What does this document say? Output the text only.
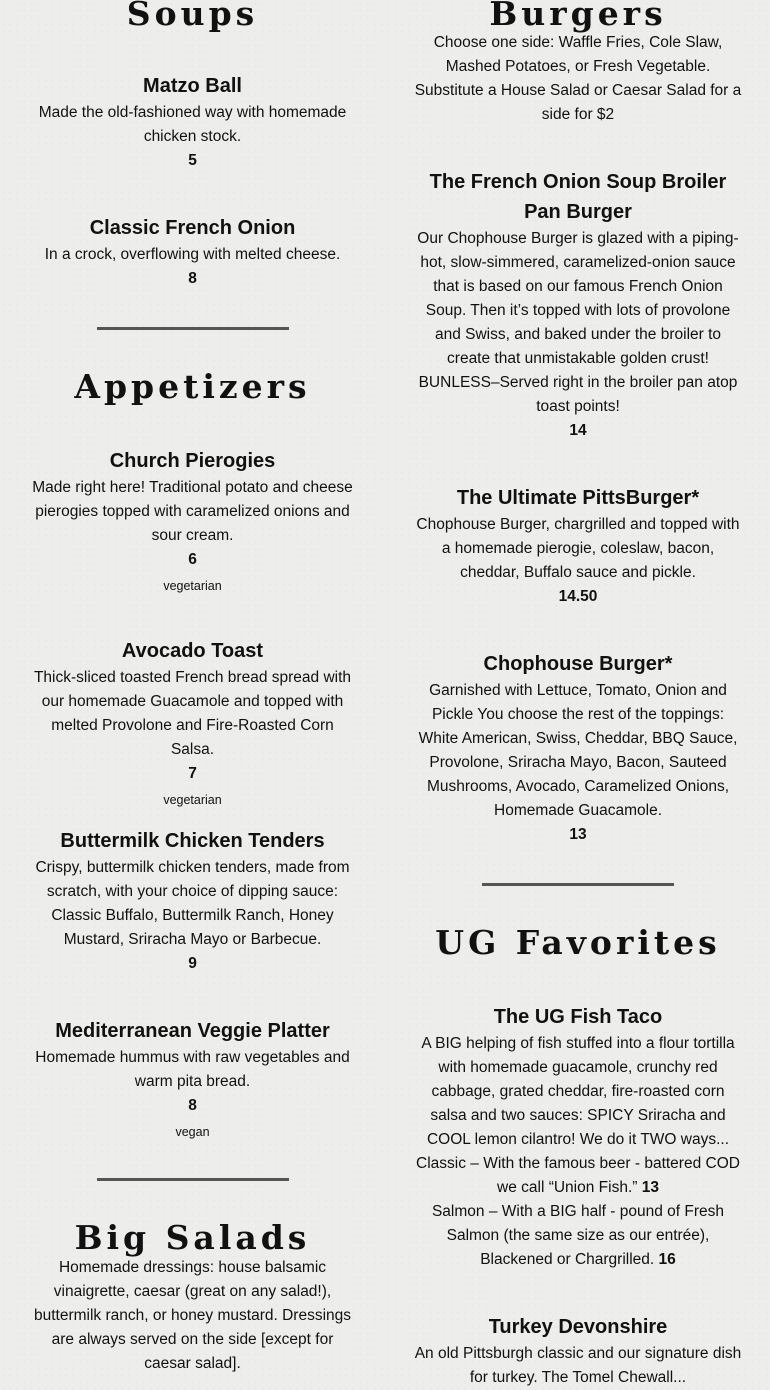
Soups
Matzo Ball
Made the old-fashioned way with homemade chicken stock.
5
Classic French Onion
In a crock, overflowing with melted cheese.
8
Appetizers
Church Pierogies
Made right here! Traditional potato and cheese pierogies topped with caramelized onions and sour cream.
6
vegetarian
Avocado Toast
Thick-sliced toasted French bread spread with our homemade Guacamole and topped with melted Provolone and Fire-Roasted Corn Salsa.
7
vegetarian
Buttermilk Chicken Tenders
Crispy, buttermilk chicken tenders, made from scratch, with your choice of dipping sauce: Classic Buffalo, Buttermilk Ranch, Honey Mustard, Sriracha Mayo or Barbecue.
9
Mediterranean Veggie Platter
Homemade hummus with raw vegetables and warm pita bread.
8
vegan
Big Salads
Homemade dressings: house balsamic vinaigrette, caesar (great on any salad!), buttermilk ranch, or honey mustard. Dressings are always served on the side [except for caesar salad].
Burgers
Choose one side: Waffle Fries, Cole Slaw, Mashed Potatoes, or Fresh Vegetable. Substitute a House Salad or Caesar Salad for a side for $2
The French Onion Soup Broiler Pan Burger
Our Chophouse Burger is glazed with a piping-hot, slow-simmered, caramelized-onion sauce that is based on our famous French Onion Soup. Then it’s topped with lots of provolone and Swiss, and baked under the broiler to create that unmistakable golden crust! BUNLESS–Served right in the broiler pan atop toast points!
14
The Ultimate PittsBurger*
Chophouse Burger, chargrilled and topped with a homemade pierogie, coleslaw, bacon, cheddar, Buffalo sauce and pickle.
14.50
Chophouse Burger*
Garnished with Lettuce, Tomato, Onion and Pickle You choose the rest of the toppings: White American, Swiss, Cheddar, BBQ Sauce, Provolone, Sriracha Mayo, Bacon, Sauteed Mushrooms, Avocado, Caramelized Onions, Homemade Guacamole.
13
UG Favorites
The UG Fish Taco
A BIG helping of fish stuffed into a flour tortilla with homemade guacamole, crunchy red cabbage, grated cheddar, fire-roasted corn salsa and two sauces: SPICY Sriracha and COOL lemon cilantro! We do it TWO ways...
Classic – With the famous beer - battered COD we call “Union Fish.” 13
Salmon – With a BIG half - pound of Fresh Salmon (the same size as our entrée), Blackened or Chargrilled. 16
Turkey Devonshire
An old Pittsburgh classic and our signature dish for turkey. The Tomel Chewall...
